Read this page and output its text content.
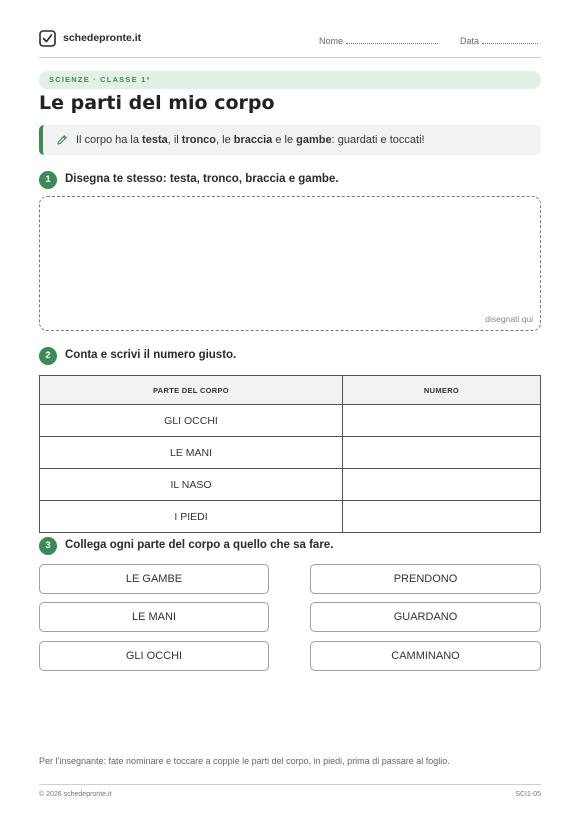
schedepronte.it	Nome	Data
SCIENZE · CLASSE 1ª
Le parti del mio corpo
Il corpo ha la testa, il tronco, le braccia e le gambe: guardati e toccati!
1	Disegna te stesso: testa, tronco, braccia e gambe.
disegnati qui
2	Conta e scrivi il numero giusto.
PARTE DEL CORPO	NUMERO
GLI OCCHI	
LE MANI	
IL NASO	
I PIEDI	
3	Collega ogni parte del corpo a quello che sa fare.
LE GAMBE
LE MANI
GLI OCCHI
PRENDONO
GUARDANO
CAMMINANO
Per l’insegnante: fate nominare e toccare a coppie le parti del corpo, in piedi, prima di passare al foglio.
© 2026 schedepronte.it	SCI1-05
